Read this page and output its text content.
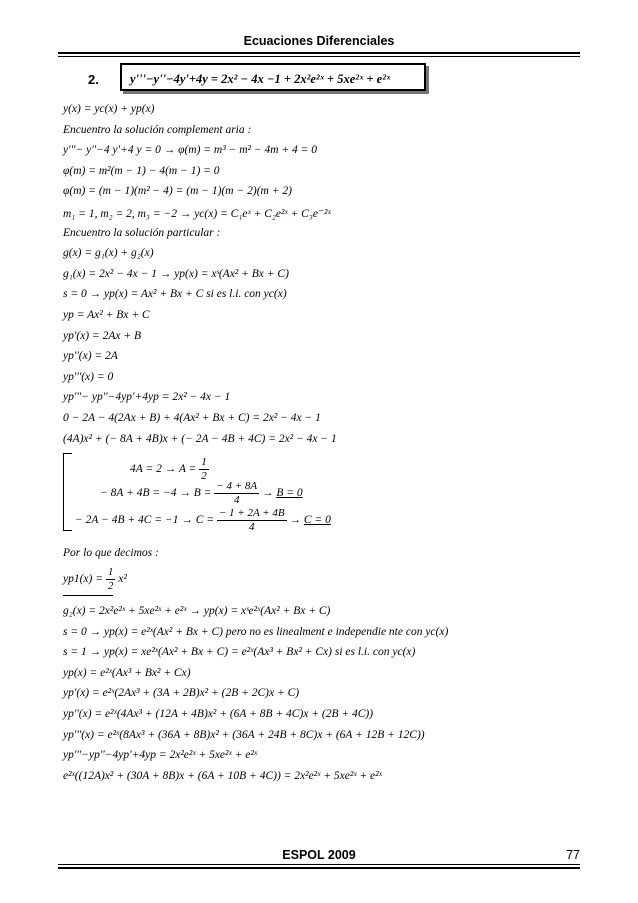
Ecuaciones Diferenciales
2.	y'''−y''−4y'+4y = 2x² − 4x −1 + 2x²e²ˣ + 5xe²ˣ + e²ˣ
y(x) = yc(x) + yp(x)
Encuentro la solución complement aria :
y'''− y''−4 y'+4 y = 0 → φ(m) = m³ − m² − 4m + 4 = 0
φ(m) = m²(m − 1) − 4(m − 1) = 0
φ(m) = (m − 1)(m² − 4) = (m − 1)(m − 2)(m + 2)
m₁ = 1, m₂ = 2, m₃ = −2 → yc(x) = C₁eˣ + C₂e²ˣ + C₃e⁻²ˣ
Encuentro la solución particular :
g(x) = g₁(x) + g₂(x)
g₁(x) = 2x² − 4x − 1 → yp(x) = xˢ(Ax² + Bx + C)
s = 0 → yp(x) = Ax² + Bx + C si es l.i. con yc(x)
yp = Ax² + Bx + C
yp'(x) = 2Ax + B
yp''(x) = 2A
yp'''(x) = 0
yp'''− yp''−4yp'+4yp = 2x² − 4x − 1
0 − 2A − 4(2Ax + B) + 4(Ax² + Bx + C) = 2x² − 4x − 1
(4A)x² + (− 8A + 4B)x + (− 2A − 4B + 4C) = 2x² − 4x − 1
$4A = 2 \to A = \frac{1}{2}$
− $8A + 4B = -4 \to B = \frac{- 4 + 8A}{4} \to B = 0$
− $2A - 4B + 4C = -1 \to C = \frac{- 1 + 2A + 4B}{4} \to C = 0$
Por lo que decimos :
$yp1(x) = \frac{1}{2} x^2$
g₂(x) = 2x²e²ˣ + 5xe²ˣ + e²ˣ → yp(x) = xˢe²ˣ(Ax² + Bx + C)
s = 0 → yp(x) = e²ˣ(Ax² + Bx + C) pero no es linealment e independie nte con yc(x)
s = 1 → yp(x) = xe²ˣ(Ax² + Bx + C) = e²ˣ(Ax³ + Bx² + Cx) si es l.i. con yc(x)
yp(x) = e²ˣ(Ax³ + Bx² + Cx)
yp'(x) = e²ˣ(2Ax³ + (3A + 2B)x² + (2B + 2C)x + C)
yp''(x) = e²ˣ(4Ax³ + (12A + 4B)x² + (6A + 8B + 4C)x + (2B + 4C))
yp'''(x) = e²ˣ(8Ax³ + (36A + 8B)x² + (36A + 24B + 8C)x + (6A + 12B + 12C))
yp'''−yp''−4yp'+4yp = 2x²e²ˣ + 5xe²ˣ + e²ˣ
e²ˣ((12A)x² + (30A + 8B)x + (6A + 10B + 4C)) = 2x²e²ˣ + 5xe²ˣ + e²ˣ
ESPOL 2009	77
